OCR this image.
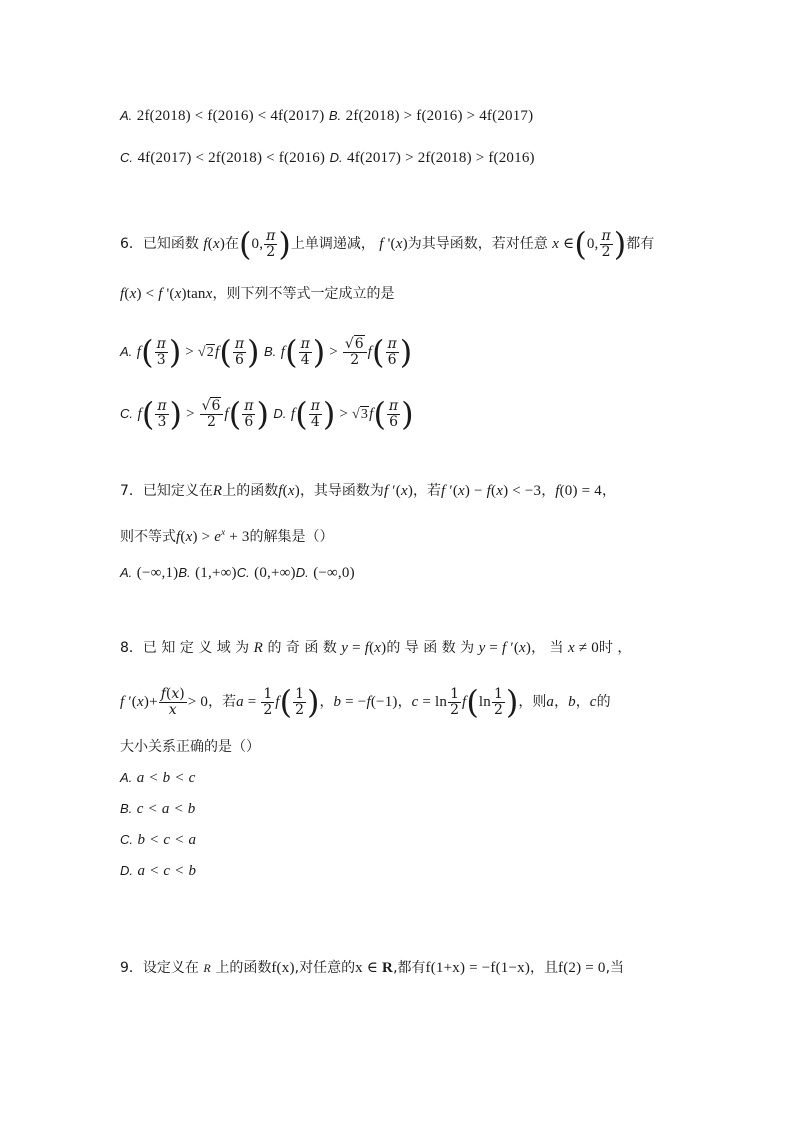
A. 2f(2018) < f(2016) < 4f(2017) B. 2f(2018) > f(2016) > 4f(2017)
C. 4f(2017) < 2f(2018) < f(2016) D. 4f(2017) > 2f(2018) > f(2016)
6．已知函数 f(x)在(0, $\frac{\pi}{2}$ )上单调递减， f '(x)为其导函数，若对任意 x ∈(0, $\frac{\pi}{2}$ )都有
f(x) < f '(x)tanx，则下列不等式一定成立的是
A. $f( \frac{\pi}{3}$ ) > $√2f( \frac{\pi}{6}$ ) B. $f( \frac{\pi}{4}$ ) > $\frac{√6}{2} f( \frac{\pi}{6}$ )
C. $f( \frac{\pi}{3}$ ) > $\frac{√6}{2} f( \frac{\pi}{6}$ ) D. $f( \frac{\pi}{4}$ ) > $√3f( \frac{\pi}{6}$ )
7．已知定义在R上的函数f(x)，其导函数为f ′(x)，若f ′(x) − f(x) < −3，f(0) = 4，
则不等式$f(x) > e^x + 3$的解集是（）
A. (−∞,1)B. (1,+∞)C. (0,+∞)D. (−∞,0)
8．已 知 定 义 域 为 R 的 奇 函 数 y = f(x)的 导 函 数 为 y = f ′(x)， 当 x ≠ 0时 ，
f $'(x)+ \frac{f(x)}{x} > 0$，若$a = \frac{1}{2} f( \frac{1}{2}$ )，b = −f(−1)，$c = \ln \frac{1}{2} f(\ln \frac{1}{2}$ )，则a，b，c的
大小关系正确的是（）
A. a < b < c
B. c < a < b
C. b < c < a
D. a < c < b
9．设定义在 R 上的函数f(x),对任意的x ∈ R,都有f(1+x) = −f(1−x)，且f(2) = 0,当
